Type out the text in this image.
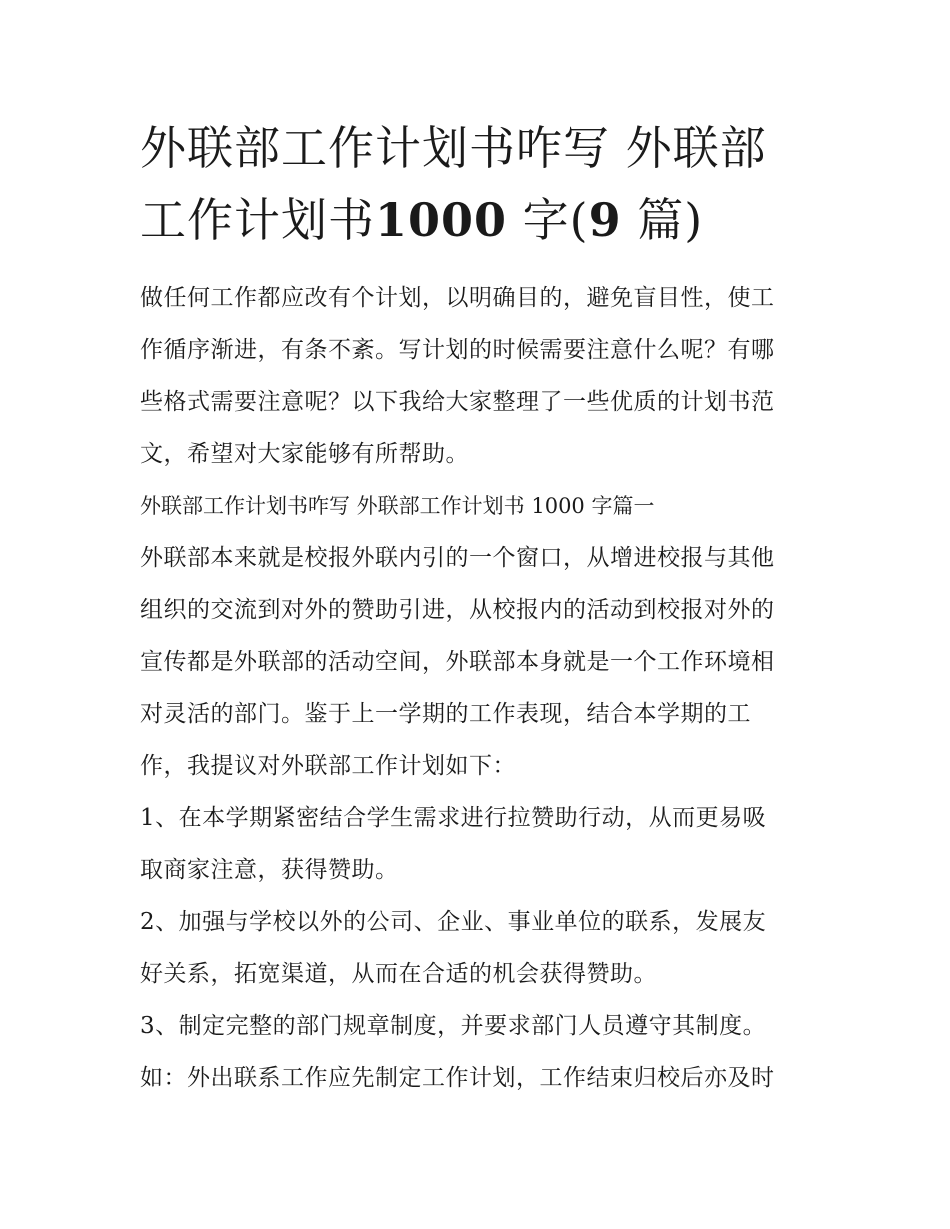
外联部工作计划书咋写 外联部
工作计划书1000 字(9 篇)

做任何工作都应改有个计划，以明确目的，避免盲目性，使工

作循序渐进，有条不紊。写计划的时候需要注意什么呢？有哪

些格式需要注意呢？以下我给大家整理了一些优质的计划书范

文，希望对大家能够有所帮助。

外联部工作计划书咋写 外联部工作计划书 1000 字篇一

外联部本来就是校报外联内引的一个窗口，从增进校报与其他

组织的交流到对外的赞助引进，从校报内的活动到校报对外的

宣传都是外联部的活动空间，外联部本身就是一个工作环境相

对灵活的部门。鉴于上一学期的工作表现，结合本学期的工

作，我提议对外联部工作计划如下：

1、在本学期紧密结合学生需求进行拉赞助行动，从而更易吸

取商家注意，获得赞助。

2、加强与学校以外的公司、企业、事业单位的联系，发展友

好关系，拓宽渠道，从而在合适的机会获得赞助。

3、制定完整的部门规章制度，并要求部门人员遵守其制度。

如：外出联系工作应先制定工作计划，工作结束归校后亦及时
